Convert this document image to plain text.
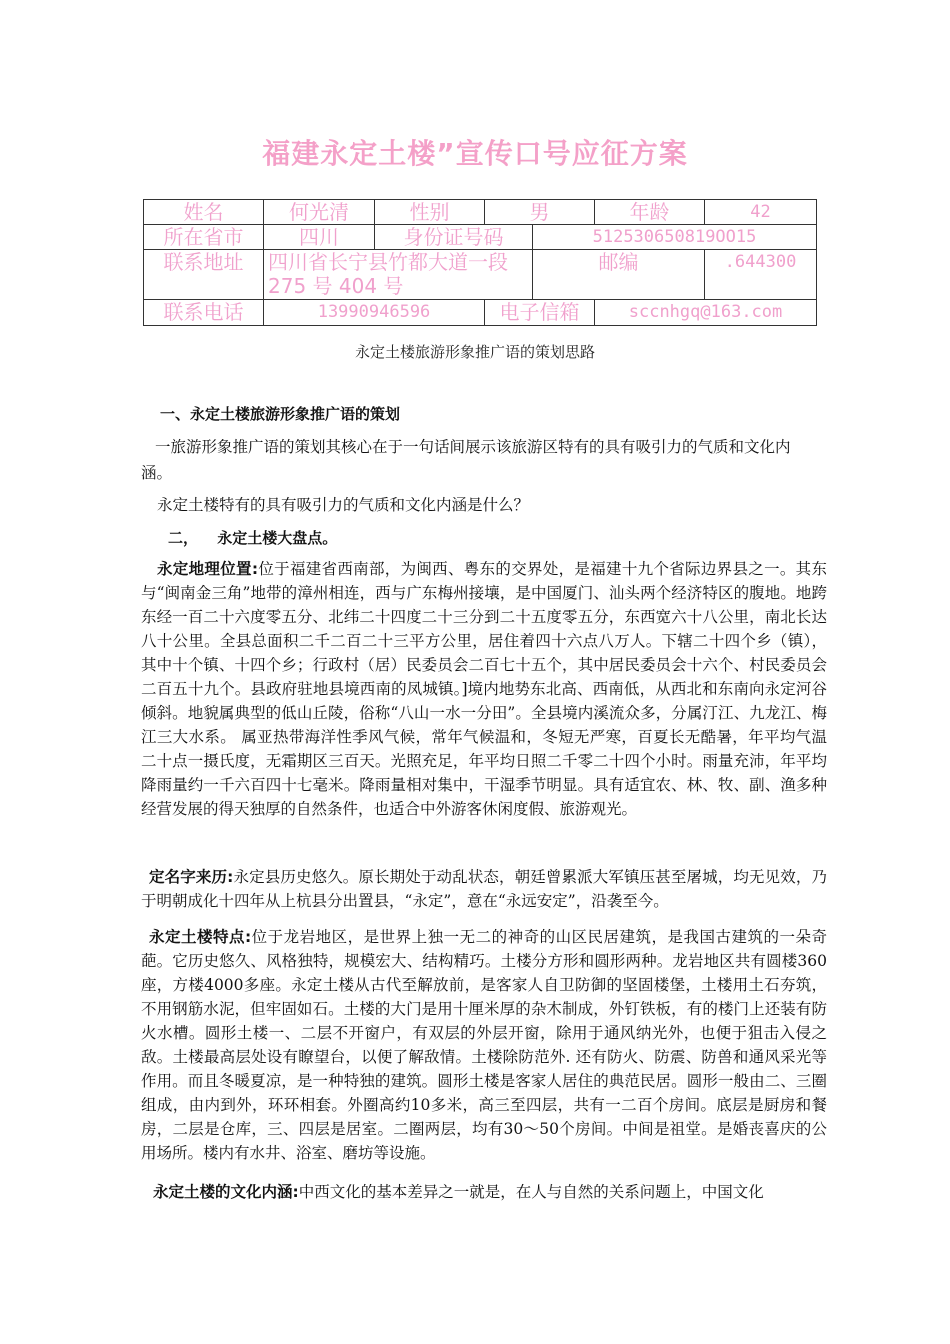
福建永定土楼”宣传口号应征方案
姓名	何光清	性别	男		年龄	42
所在省市	四川	身份证号码		512530650819OO15		
联系地址	四川省长宁县竹都大道一段 275 号 404 号			邮编		.644300
联系电话	13990946596		电子信箱		sccnhgq@163.com	
永定土楼旅游形象推广语的策划思路
一、永定土楼旅游形象推广语的策划
一旅游形象推广语的策划其核心在于一句话间展示该旅游区特有的具有吸引力的气质和文化内涵。
永定土楼特有的具有吸引力的气质和文化内涵是什么？
二， 永定土楼大盘点。
永定地理位置:位于福建省西南部，为闽西、粤东的交界处，是福建十九个省际边界县之一。其东与“闽南金三角”地带的漳州相连，西与广东梅州接壤，是中国厦门、汕头两个经济特区的腹地。地跨东经一百二十六度零五分、北纬二十四度二十三分到二十五度零五分，东西宽六十八公里，南北长达八十公里。全县总面积二千二百二十三平方公里，居住着四十六点八万人。下辖二十四个乡（镇），其中十个镇、十四个乡；行政村（居）民委员会二百七十五个，其中居民委员会十六个、村民委员会二百五十九个。县政府驻地县境西南的凤城镇。]境内地势东北高、西南低，从西北和东南向永定河谷倾斜。地貌属典型的低山丘陵，俗称“八山一水一分田”。全县境内溪流众多，分属汀江、九龙江、梅江三大水系。 属亚热带海洋性季风气候，常年气候温和，冬短无严寒，百夏长无酷暑，年平均气温二十点一摄氏度，无霜期区三百天。光照充足，年平均日照二千零二十四个小时。雨量充沛，年平均降雨量约一千六百四十七毫米。降雨量相对集中，干湿季节明显。具有适宜农、林、牧、副、渔多种经营发展的得天独厚的自然条件，也适合中外游客休闲度假、旅游观光。
定名字来历:永定县历史悠久。原长期处于动乱状态，朝廷曾累派大军镇压甚至屠城，均无见效，乃于明朝成化十四年从上杭县分出置县，“永定”，意在“永远安定”，沿袭至今。
永定土楼特点:位于龙岩地区，是世界上独一无二的神奇的山区民居建筑，是我国古建筑的一朵奇葩。它历史悠久、风格独特，规模宏大、结构精巧。土楼分方形和圆形两种。龙岩地区共有圆楼360座，方楼4000多座。永定土楼从古代至解放前，是客家人自卫防御的坚固楼堡，土楼用土石夯筑，不用钢筋水泥，但牢固如石。土楼的大门是用十厘米厚的杂木制成，外钉铁板，有的楼门上还装有防火水槽。圆形土楼一、二层不开窗户，有双层的外层开窗，除用于通风纳光外，也便于狙击入侵之敌。土楼最高层处设有瞭望台，以便了解敌情。土楼除防范外. 还有防火、防震、防兽和通风采光等作用。而且冬暖夏凉，是一种特独的建筑。圆形土楼是客家人居住的典范民居。圆形一般由二、三圈组成，由内到外，环环相套。外圈高约10多米，高三至四层，共有一二百个房间。底层是厨房和餐房，二层是仓库，三、四层是居室。二圈两层，均有30～50个房间。中间是祖堂。是婚丧喜庆的公用场所。楼内有水井、浴室、磨坊等设施。
永定土楼的文化内涵:中西文化的基本差异之一就是，在人与自然的关系问题上，中国文化
